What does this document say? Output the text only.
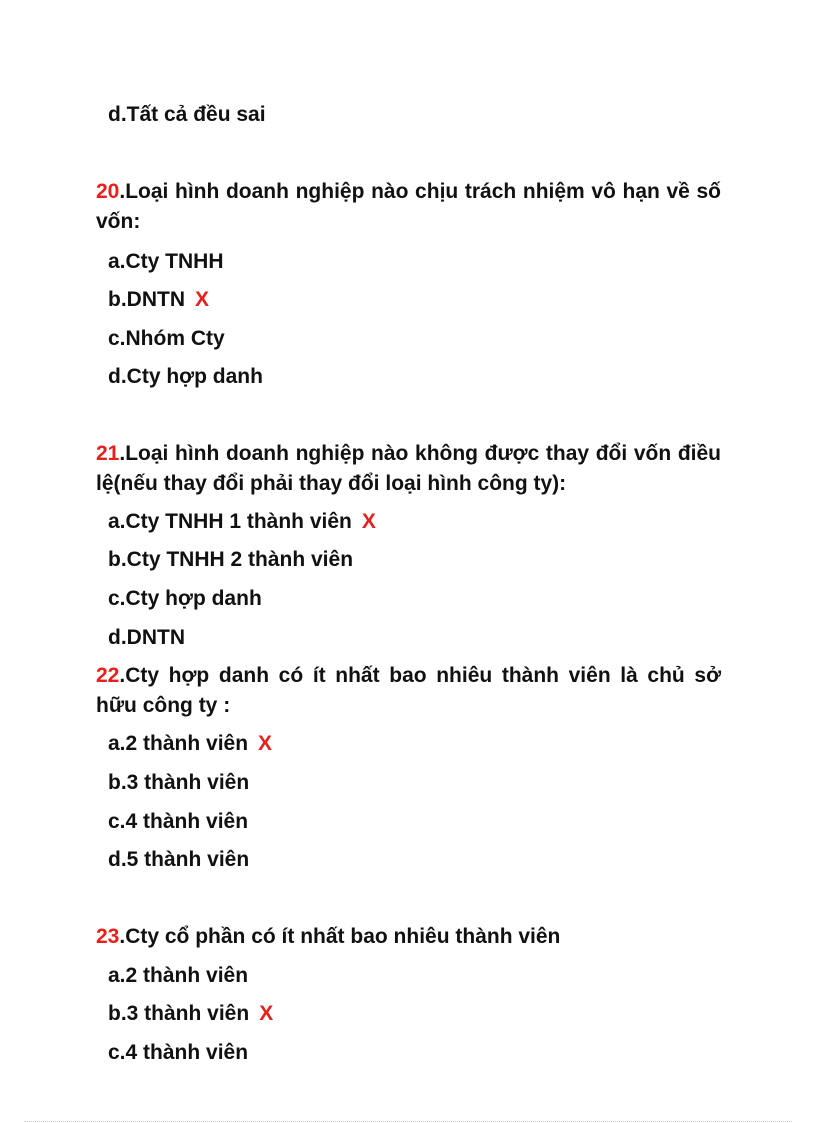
d.Tất cả đều sai
20.Loại hình doanh nghiệp nào chịu trách nhiệm vô hạn về số vốn:
a.Cty TNHH
b.DNTN X
c.Nhóm Cty
d.Cty hợp danh
21.Loại hình doanh nghiệp nào không được thay đổi vốn điều lệ(nếu thay đổi phải thay đổi loại hình công ty):
a.Cty TNHH 1 thành viên X
b.Cty TNHH 2 thành viên
c.Cty hợp danh
d.DNTN
22.Cty hợp danh có ít nhất bao nhiêu thành viên là chủ sở hữu công ty :
a.2 thành viên X
b.3 thành viên
c.4 thành viên
d.5 thành viên
23.Cty cổ phần có ít nhất bao nhiêu thành viên
a.2 thành viên
b.3 thành viên X
c.4 thành viên
